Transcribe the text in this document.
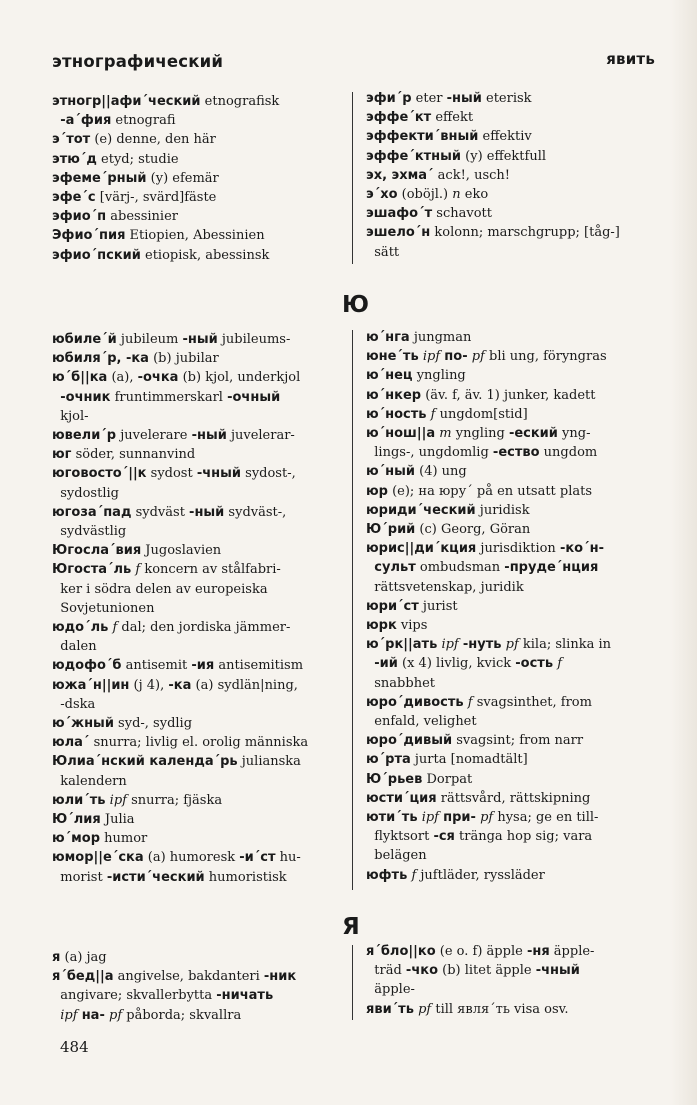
этнографический	явить
этногр||афи´ческий etnografisk
-а´фия etnografi
э´тот (e) denne, den här
этю´д etyd; studie
эфеме´рный (y) efemär
эфе´с [värj-, svärd]fäste
эфио´п abessinier
Эфио´пия Etiopien, Abessinien
эфио´пский etiopisk, abessinsk
эфи´р eter -ный eterisk
эффе´кт effekt
эффекти´вный effektiv
эффе´ктный (y) effektfull
эх, эхма´ ack!, usch!
э´хо (oböjl.) n eko
эшафо´т schavott
эшело´н kolonn; marschgrupp; [tåg-]
sätt
Ю
юбиле´й jubileum -ный jubileums-
юбиля´р, -ка (b) jubilar
ю´б||ка (a), -очка (b) kjol, underkjol
-очник fruntimmerskarl -очный
kjol-
ювели´р juvelerare -ный juvelerar-
юг söder, sunnanvind
юговосто´||к sydost -чный sydost-,
sydostlig
югоза´пад sydväst -ный sydväst-,
sydvästlig
Югосла´вия Jugoslavien
Югоста´ль f koncern av stålfabri-
ker i södra delen av europeiska
Sovjetunionen
юдо´ль f dal; den jordiska jämmer-
dalen
юдофо´б antisemit -ия antisemitism
южа´н||ин (j 4), -ка (a) sydlän|ning,
-dska
ю´жный syd-, sydlig
юла´ snurra; livlig el. orolig människa
Юлиа´нский календа´рь julianska
kalendern
юли´ть ipf snurra; fjäska
Ю´лия Julia
ю´мор humor
юмор||е´ска (a) humoresk -и´ст hu-
morist -исти´ческий humoristisk
ю´нга jungman
юне´ть ipf по- pf bli ung, föryngras
ю´нец yngling
ю´нкер (äv. f, äv. 1) junker, kadett
ю´ность f ungdom[stid]
ю´нош||а m yngling -еский yng-
lings-, ungdomlig -ество ungdom
ю´ный (4) ung
юр (e); на юру´ på en utsatt plats
юриди´ческий juridisk
Ю´рий (c) Georg, Göran
юрис||ди´кция jurisdiktion -ко´н-
сульт ombudsman -пруде´нция
rättsvetenskap, juridik
юри´ст jurist
юрк vips
ю´рк||ать ipf -нуть pf kila; slinka in
-ий (x 4) livlig, kvick -ость f
snabbhet
юро´дивость f svagsinthet, from
enfald, velighet
юро´дивый svagsint; from narr
ю´рта jurta [nomadtält]
Ю´рьев Dorpat
юсти´ция rättsvård, rättskipning
юти´ть ipf при- pf hysa; ge en till-
flyktsort -ся tränga hop sig; vara
belägen
юфть f juftläder, ryssläder
Я
я (a) jag
я´бед||а angivelse, bakdanteri -ник
angivare; skvallerbytta -ничать
ipf на- pf påborda; skvallra
я´бло||ко (e o. f) äpple -ня äpple-
träd -чко (b) litet äpple -чный
äpple-
яви´ть pf till явля´ть visa osv.
484
